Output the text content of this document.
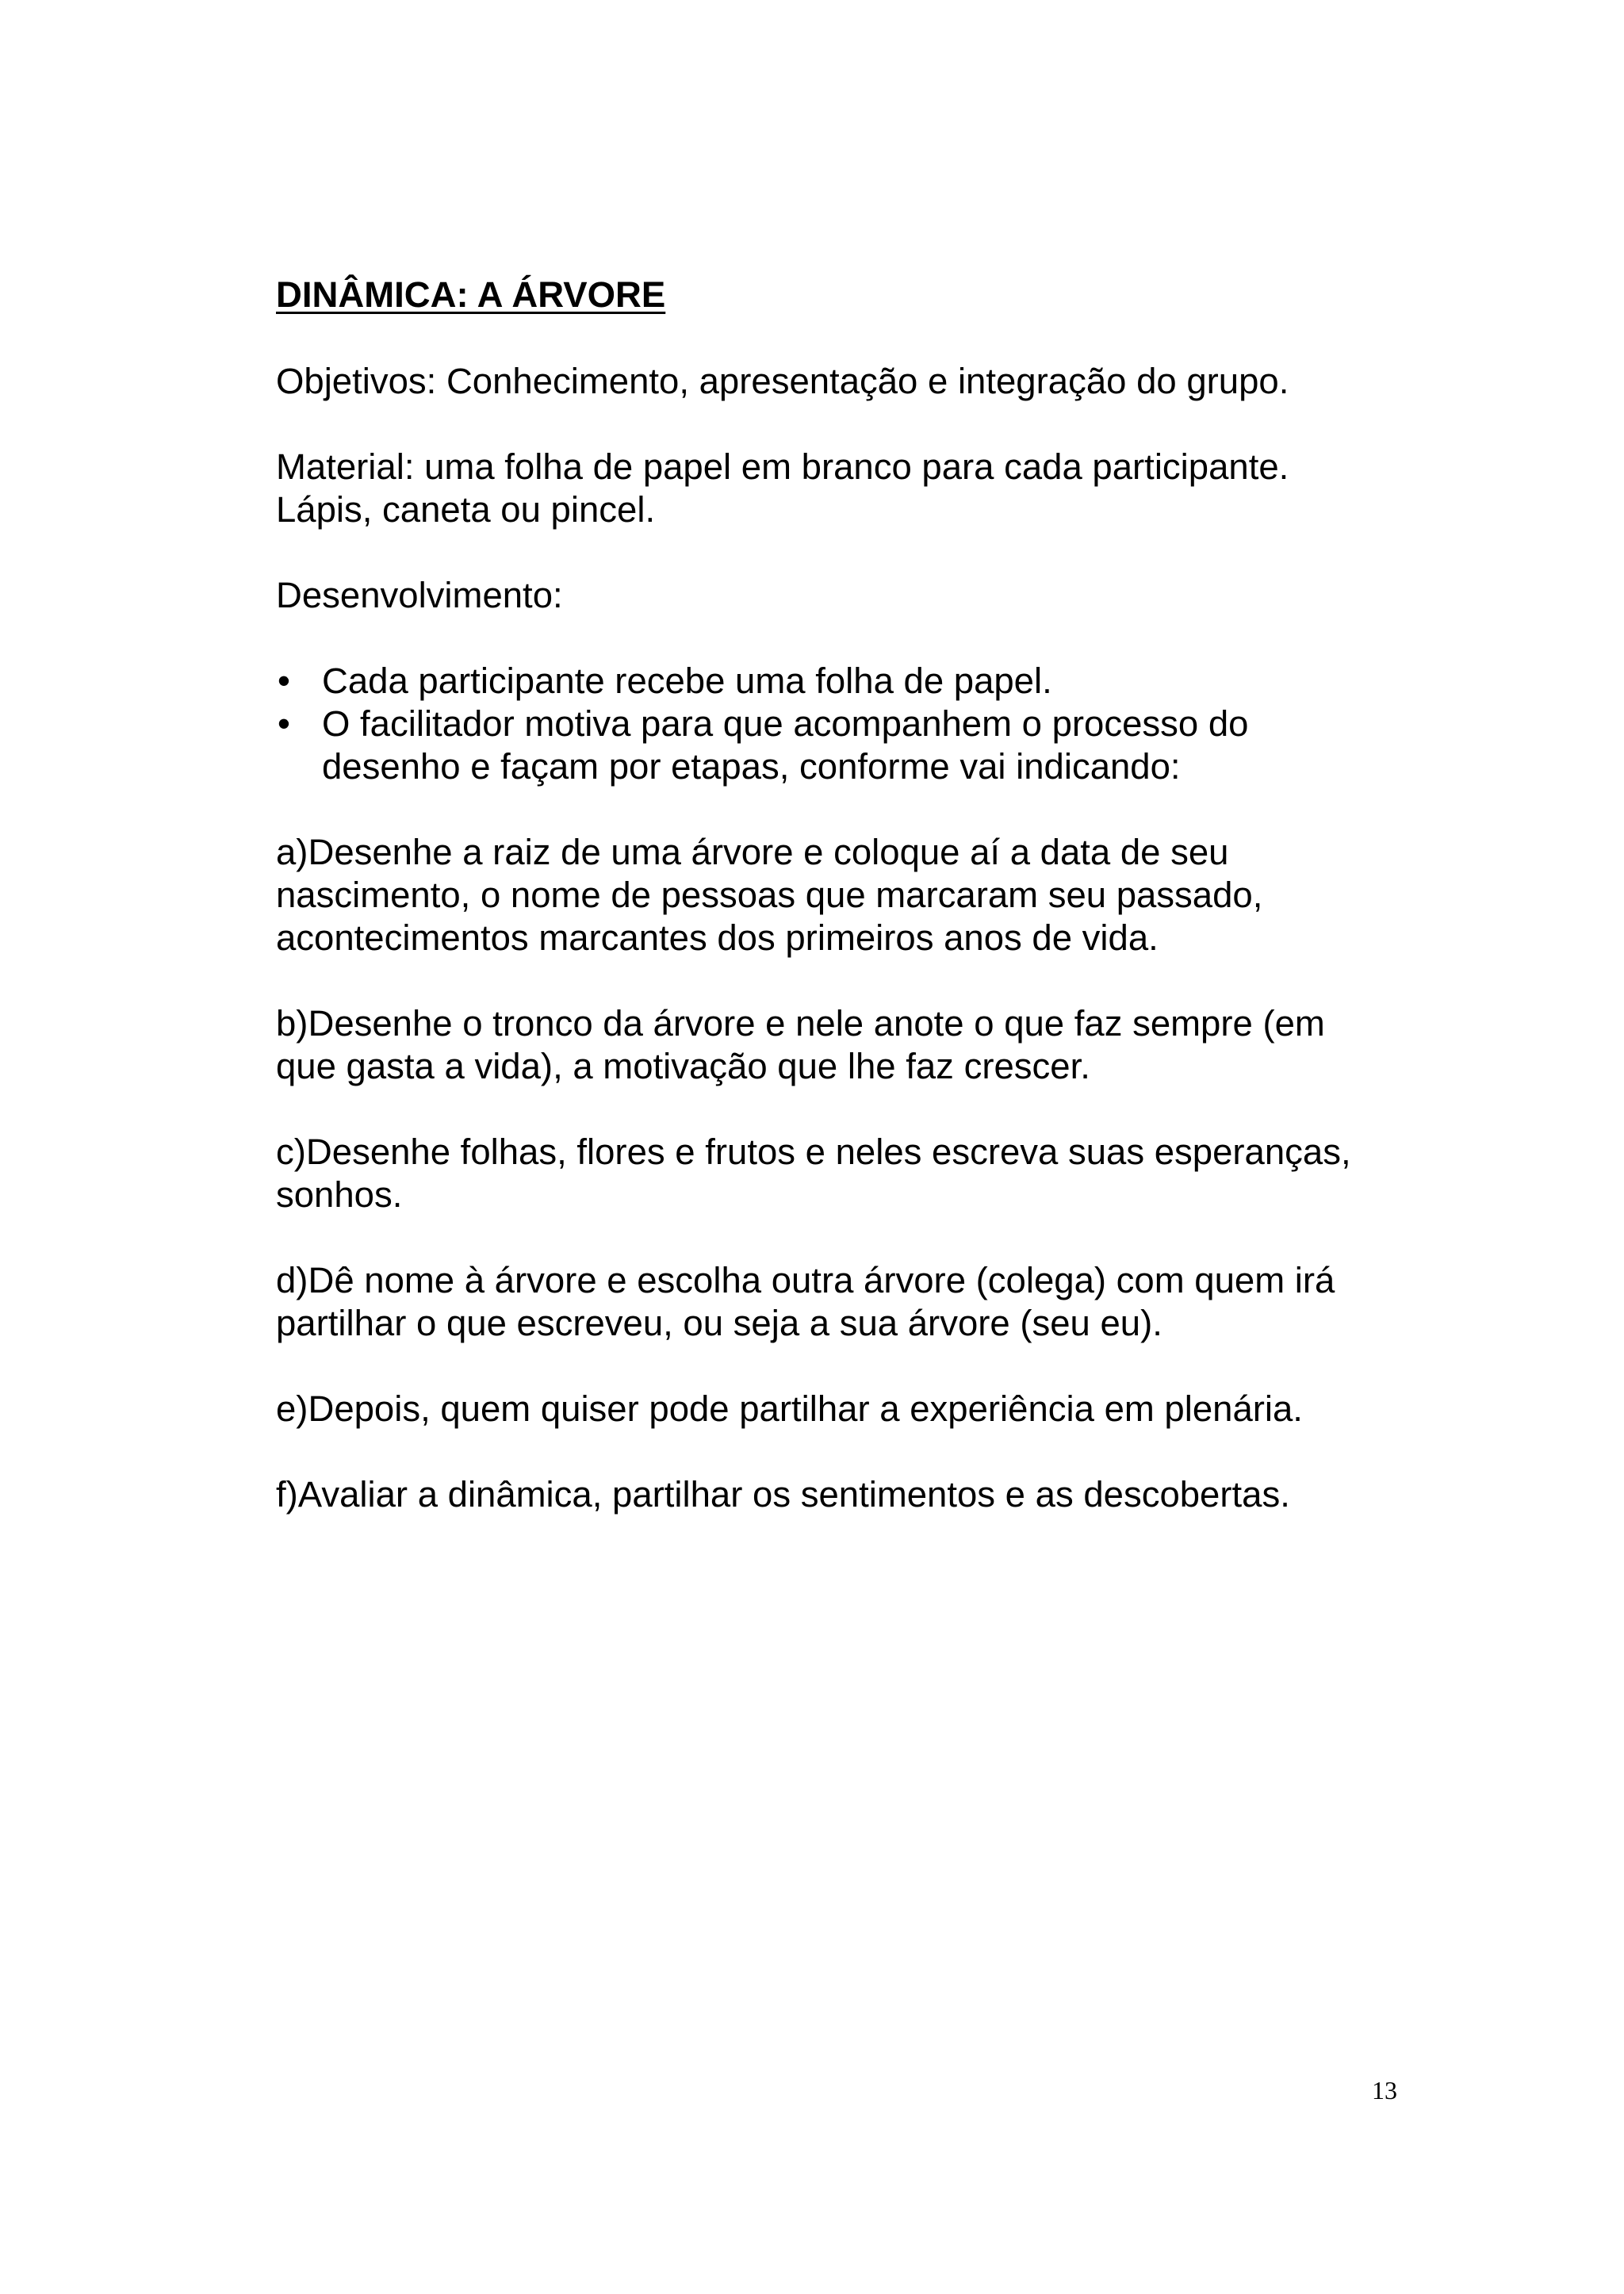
DINÂMICA: A ÁRVORE
Objetivos: Conhecimento, apresentação e integração do grupo.
Material: uma folha de papel em branco para cada participante.
Lápis, caneta ou pincel.
Desenvolvimento:
• Cada participante recebe uma folha de papel.
• O facilitador motiva para que acompanhem o processo do
desenho e façam por etapas, conforme vai indicando:
a)Desenhe a raiz de uma árvore e coloque aí a data de seu
nascimento, o nome de pessoas que marcaram seu passado,
acontecimentos marcantes dos primeiros anos de vida.
b)Desenhe o tronco da árvore e nele anote o que faz sempre (em
que gasta a vida), a motivação que lhe faz crescer.
c)Desenhe folhas, flores e frutos e neles escreva suas esperanças,
sonhos.
d)Dê nome à árvore e escolha outra árvore (colega) com quem irá
partilhar o que escreveu, ou seja a sua árvore (seu eu).
e)Depois, quem quiser pode partilhar a experiência em plenária.
f)Avaliar a dinâmica, partilhar os sentimentos e as descobertas.
13
